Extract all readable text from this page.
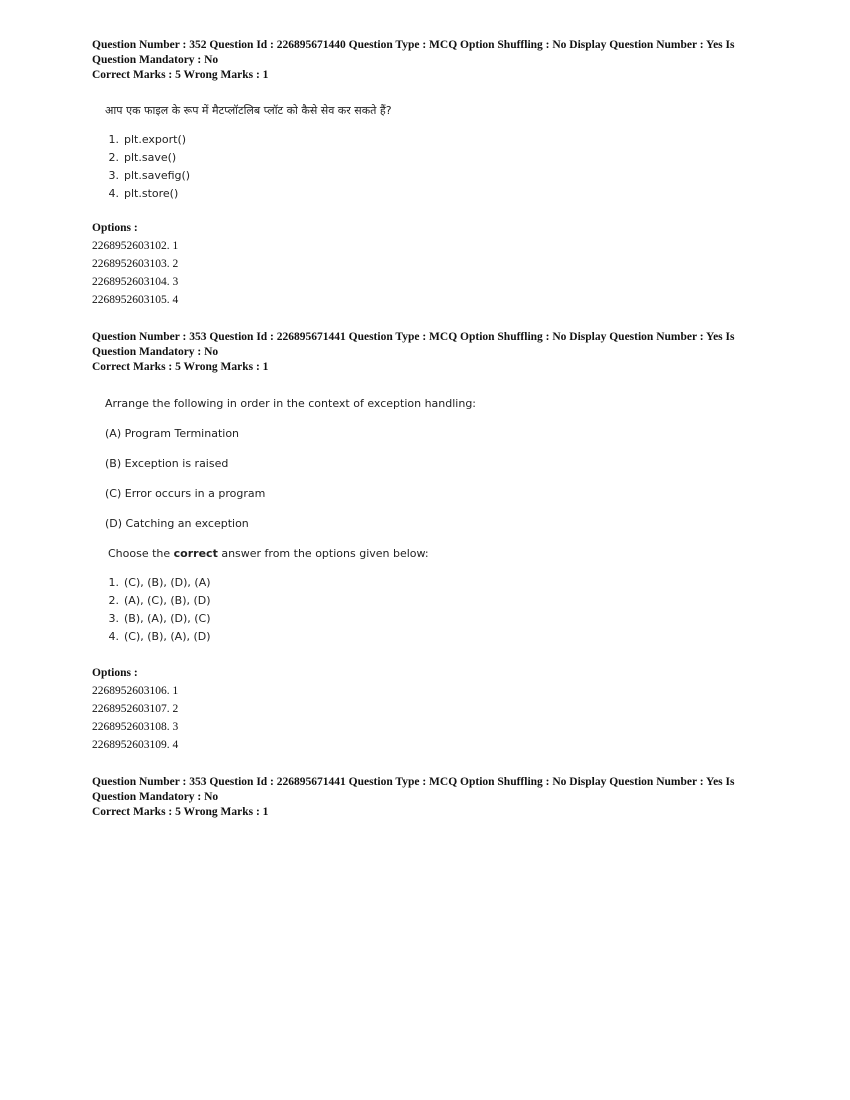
Question Number : 352 Question Id : 226895671440 Question Type : MCQ Option Shuffling : No Display Question Number : Yes Is
Question Mandatory : No
Correct Marks : 5 Wrong Marks : 1

आप एक फाइल के रूप में मैटप्लॉटलिब प्लॉट को कैसे सेव कर सकते हैं?

1. plt.export()
2. plt.save()
3. plt.savefig()
4. plt.store()
Options :
2268952603102. 1
2268952603103. 2
2268952603104. 3
2268952603105. 4
Question Number : 353 Question Id : 226895671441 Question Type : MCQ Option Shuffling : No Display Question Number : Yes Is
Question Mandatory : No
Correct Marks : 5 Wrong Marks : 1

Arrange the following in order in the context of exception handling:

(A) Program Termination

(B) Exception is raised

(C) Error occurs in a program

(D) Catching an exception

Choose the correct answer from the options given below:

1. (C), (B), (D), (A)
2. (A), (C), (B), (D)
3. (B), (A), (D), (C)
4. (C), (B), (A), (D)
Options :
2268952603106. 1
2268952603107. 2
2268952603108. 3
2268952603109. 4
Question Number : 353 Question Id : 226895671441 Question Type : MCQ Option Shuffling : No Display Question Number : Yes Is
Question Mandatory : No
Correct Marks : 5 Wrong Marks : 1
